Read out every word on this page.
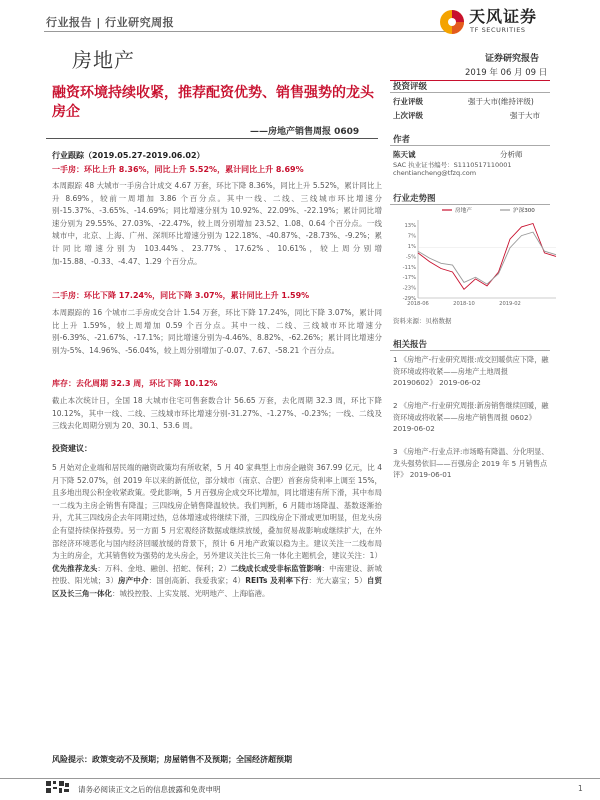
行业报告 | 行业研究周报	天风证券
TF SECURITIES
房地产	证券研究报告
2019 年 06 月 09 日
融资环境持续收紧，推荐配资优势、销售强势的龙头房企
——房地产销售周报 0609
投资评级
行业评级	强于大市(维持评级)
上次评级	强于大市
作者
陈天诚	分析师
SAC 执业证书编号：S1110517110001
chentiancheng@tfzq.com
行业走势图
13%
7%
1%
-5%
-11%
-17%
-23%
-29%
2018-06	2018-10	2019-02
房地产	沪深300
资料来源：贝格数据
相关报告
1 《房地产-行业研究周报:成交回暖供应下降，融资环境或将收紧——房地产土地周报 20190602》 2019-06-02
2 《房地产-行业研究周报:新房销售继续回暖，融资环境或将收紧——房地产销售周报 0602》 2019-06-02
3 《房地产-行业点评:市场略有降温、分化明显、龙头强势依旧——百强房企 2019 年 5 月销售点评》 2019-06-01
行业跟踪（2019.05.27-2019.06.02）
一手房：环比上升 8.36%，同比上升 5.52%，累计同比上升 8.69%
本周跟踪 48 大城市一手房合计成交 4.67 万套，环比下降 8.36%，同比上升 5.52%，累计同比上升 8.69%，较前一周增加 3.86 个百分点。其中一线、二线、三线城市环比增速分别-15.37%、-3.65%、-14.69%；同比增速分别为 10.92%、22.09%、-22.19%；累计同比增速分别为 29.55%、27.03%、-22.47%，较上周分别增加 23.52、1.08、0.64 个百分点。一线城市中，北京、上海、广州、深圳环比增速分别为 122.18%、-40.87%、-28.73%、-9.2%；累计同比增速分别为 103.44%、23.77%、17.62%、10.61%，较上周分别增加-15.88、-0.33、-4.47、1.29 个百分点。
二手房：环比下降 17.24%，同比下降 3.07%，累计同比上升 1.59%
本周跟踪的 16 个城市二手房成交合计 1.54 万套，环比下降 17.24%，同比下降 3.07%，累计同比上升 1.59%，较上周增加 0.59 个百分点。其中一线、二线、三线城市环比增速分别-6.39%、-21.67%、-17.1%；同比增速分别为-4.46%、8.82%、-62.26%；累计同比增速分别为-5%、14.96%、-56.04%，较上周分别增加了-0.07、7.67、-58.21 个百分点。
库存：去化周期 32.3 周，环比下降 10.12%
截止本次统计日，全国 18 大城市住宅可售套数合计 56.65 万套，去化周期 32.3 周，环比下降 10.12%，其中一线、二线、三线城市环比增速分别-31.27%、-1.27%、-0.23%；一线、二线及三线去化周期分别为 20、30.1、53.6 周。
投资建议：
5 月始对企业端和居民端的融资政策均有所收紧，5 月 40 家典型上市房企融资 367.99 亿元，比 4 月下降 52.07%，创 2019 年以来的新低位，部分城市（南京、合肥）首套房贷利率上调至 15%，且多地出现公积金收紧政策。受此影响，5 月百强房企成交环比增加，同比增速有所下滑，其中布局一二线为主房企销售有降温；三四线房企销售降温较快。我们判断，6 月随市场降温、基数逐渐抬升，尤其三四线房企去年同期过热，总体增速或将继续下滑，三四线房企下滑或更加明显，但龙头房企有望持续保持强势。另一方面 5 月宏观经济数据或继续放缓，叠加贸易战影响或继续扩大，在外部经济环境恶化与国内经济回暖放缓的背景下，预计 6 月地产政策以稳为主。建议关注一二线布局为主的房企，尤其销售较为强势的龙头房企，另外建议关注长三角一体化主题机会，建议关注：1）优先推荐龙头：万科、金地、融创、招蛇、保利；2）二线成长或受非标监管影响：中南建设、新城控股、阳光城；3）房产中介：国创高新、我爱我家；4）REITs 及利率下行：光大嘉宝；5）自贸区及长三角一体化：城投控股、上实发展、光明地产、上海临港。
风险提示：政策变动不及预期；房屋销售不及预期；全国经济超预期
请务必阅读正文之后的信息披露和免责申明	1
